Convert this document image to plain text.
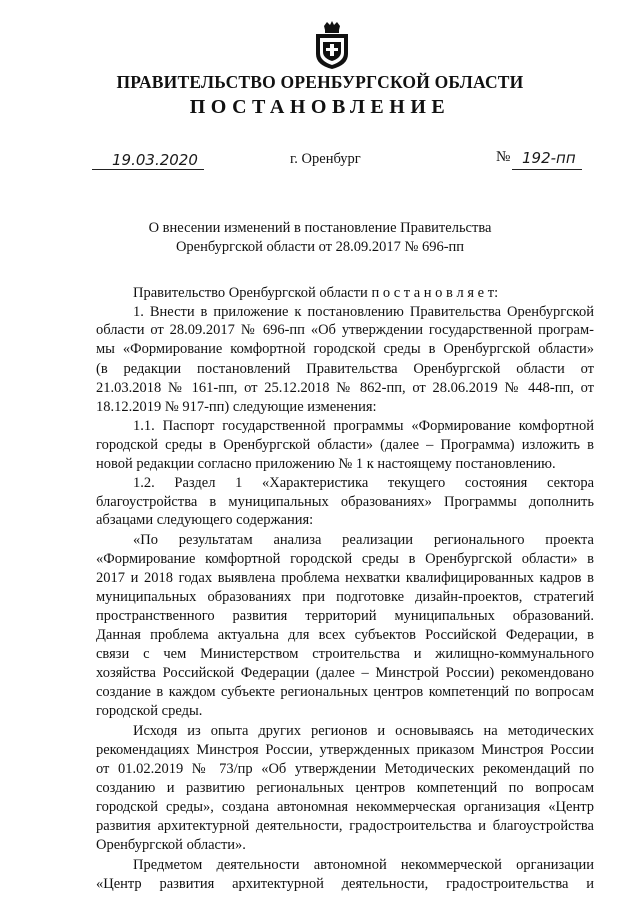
ПРАВИТЕЛЬСТВО ОРЕНБУРГСКОЙ ОБЛАСТИ
ПОСТАНОВЛЕНИЕ
19.03.2020	г. Оренбург	№ 192-пп
О внесении изменений в постановление Правительства
Оренбургской области от 28.09.2017 № 696-пп
Правительство Оренбургской области п о с т а н о в л я е т:
1. Внести в приложение к постановлению Правительства Оренбургской
области от 28.09.2017 № 696-пп «Об утверждении государственной програм-
мы «Формирование комфортной городской среды в Оренбургской области»
(в редакции постановлений Правительства Оренбургской области от
21.03.2018 № 161-пп, от 25.12.2018 № 862-пп, от 28.06.2019 № 448-пп, от
18.12.2019 № 917-пп) следующие изменения:
1.1. Паспорт государственной программы «Формирование комфортной
городской среды в Оренбургской области» (далее – Программа) изложить в
новой редакции согласно приложению № 1 к настоящему постановлению.
1.2. Раздел 1 «Характеристика текущего состояния сектора
благоустройства в муниципальных образованиях» Программы дополнить
абзацами следующего содержания:
«По результатам анализа реализации регионального проекта
«Формирование комфортной городской среды в Оренбургской области» в
2017 и 2018 годах выявлена проблема нехватки квалифицированных кадров в
муниципальных образованиях при подготовке дизайн-проектов, стратегий
пространственного развития территорий муниципальных образований.
Данная проблема актуальна для всех субъектов Российской Федерации, в
связи с чем Министерством строительства и жилищно-коммунального
хозяйства Российской Федерации (далее – Минстрой России) рекомендовано
создание в каждом субъекте региональных центров компетенций по вопросам
городской среды.
Исходя из опыта других регионов и основываясь на методических
рекомендациях Минстроя России, утвержденных приказом Минстроя России
от 01.02.2019 № 73/пр «Об утверждении Методических рекомендаций по
созданию и развитию региональных центров компетенций по вопросам
городской среды», создана автономная некоммерческая организация «Центр
развития архитектурной деятельности, градостроительства и благоустройства
Оренбургской области».
Предметом деятельности автономной некоммерческой организации
«Центр развития архитектурной деятельности, градостроительства и
